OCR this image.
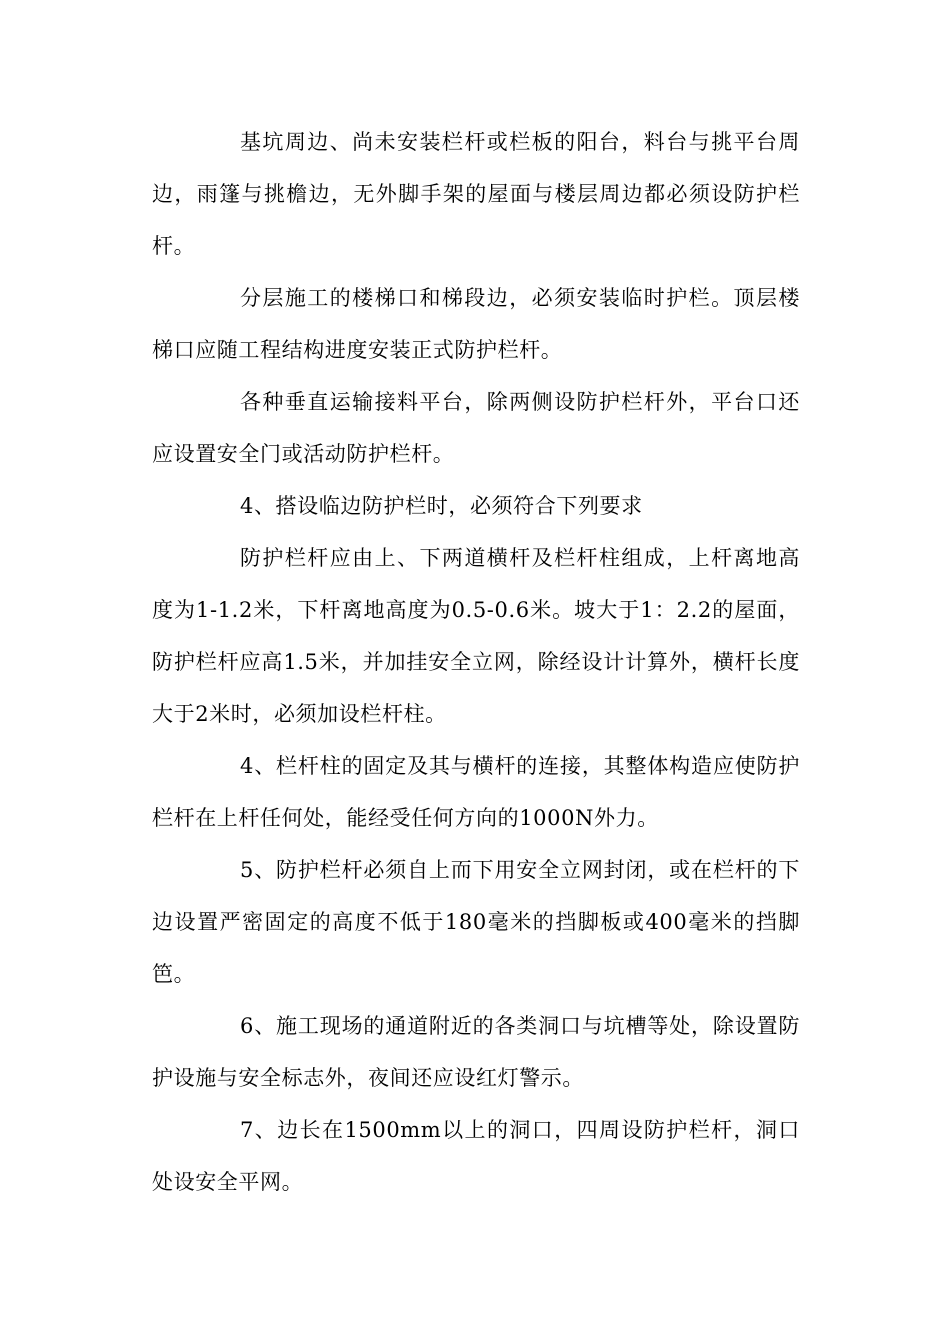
基坑周边、尚未安装栏杆或栏板的阳台，料台与挑平台周边，雨篷与挑檐边，无外脚手架的屋面与楼层周边都必须设防护栏杆。

分层施工的楼梯口和梯段边，必须安装临时护栏。顶层楼梯口应随工程结构进度安装正式防护栏杆。

各种垂直运输接料平台，除两侧设防护栏杆外，平台口还应设置安全门或活动防护栏杆。

4、搭设临边防护栏时，必须符合下列要求

防护栏杆应由上、下两道横杆及栏杆柱组成，上杆离地高度为1-1.2米，下杆离地高度为0.5-0.6米。坡大于1：2.2的屋面，防护栏杆应高1.5米，并加挂安全立网，除经设计计算外，横杆长度大于2米时，必须加设栏杆柱。

4、栏杆柱的固定及其与横杆的连接，其整体构造应使防护栏杆在上杆任何处，能经受任何方向的1000N外力。

5、防护栏杆必须自上而下用安全立网封闭，或在栏杆的下边设置严密固定的高度不低于180毫米的挡脚板或400毫米的挡脚笆。

6、施工现场的通道附近的各类洞口与坑槽等处，除设置防护设施与安全标志外，夜间还应设红灯警示。

7、边长在1500mm以上的洞口，四周设防护栏杆，洞口处设安全平网。
